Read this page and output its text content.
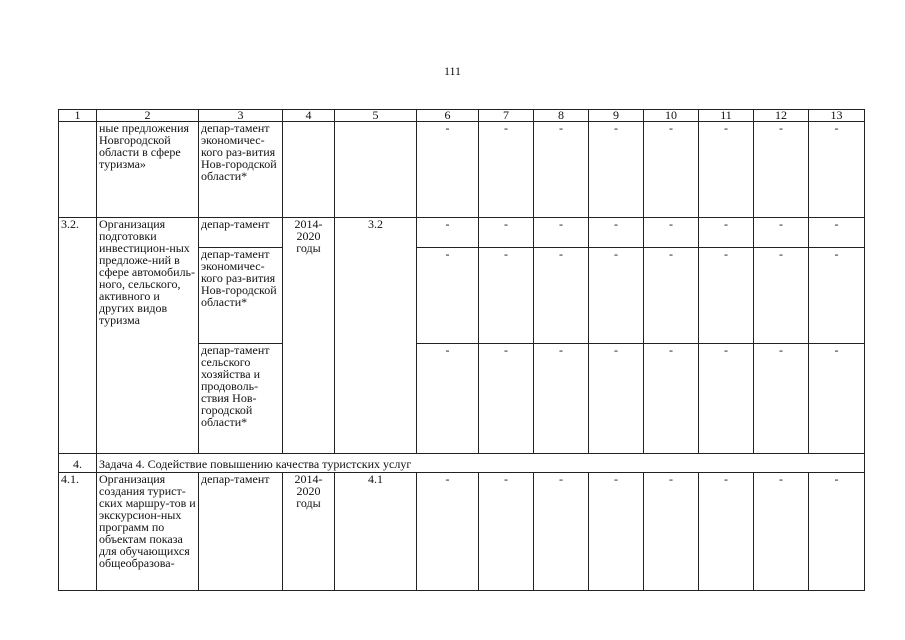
111
1	2	3	4	5	6	7	8	9	10	11	12	13
	ные предложения Новгородской области в сфере туризма»	депар-тамент экономичес-кого раз-вития Нов-городской области*			-	-	-	-	-	-	-	-
3.2.	Организация подготовки инвестицион-ных предложе-ний в сфере автомобиль-ного, сельского, активного и других видов туризма	депар-тамент	2014-2020 годы	3.2	-	-	-	-	-	-	-	-
		депар-тамент экономичес-кого раз-вития Нов-городской области*			-	-	-	-	-	-	-	-
		депар-тамент сельского хозяйства и продоволь-ствия Нов-городской области*			-	-	-	-	-	-	-	-
4.	Задача 4. Содействие повышению качества туристских услуг											
4.1.	Организация создания турист-ских маршру-тов и экскурсион-ных программ по объектам показа для обучающихся общеобразова-	депар-тамент	2014-2020 годы	4.1	-	-	-	-	-	-	-	-
